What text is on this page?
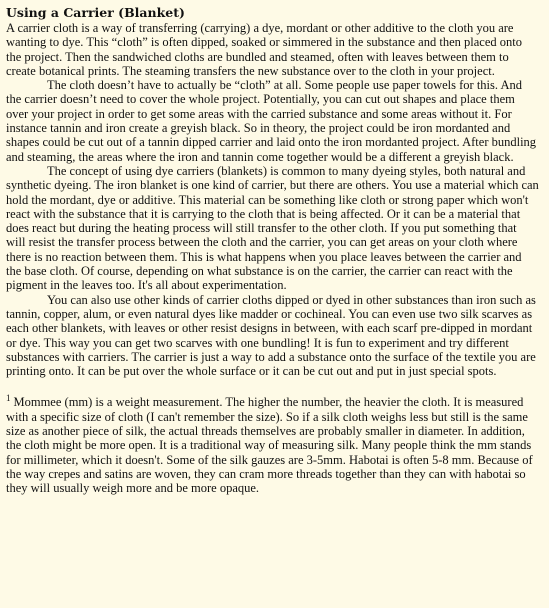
Using a Carrier (Blanket)

A carrier cloth is a way of transferring (carrying) a dye, mordant or other additive to the cloth you are wanting to dye. This “cloth” is often dipped, soaked or simmered in the substance and then placed onto the project. Then the sandwiched cloths are bundled and steamed, often with leaves between them to create botanical prints. The steaming transfers the new substance over to the cloth in your project.

The cloth doesn’t have to actually be “cloth” at all. Some people use paper towels for this. And the carrier doesn’t need to cover the whole project. Potentially, you can cut out shapes and place them over your project in order to get some areas with the carried substance and some areas without it. For instance tannin and iron create a greyish black. So in theory, the project could be iron mordanted and shapes could be cut out of a tannin dipped carrier and laid onto the iron mordanted project. After bundling and steaming, the areas where the iron and tannin come together would be a different a greyish black.

The concept of using dye carriers (blankets) is common to many dyeing styles, both natural and synthetic dyeing. The iron blanket is one kind of carrier, but there are others. You use a material which can hold the mordant, dye or additive. This material can be something like cloth or strong paper which won't react with the substance that it is carrying to the cloth that is being affected. Or it can be a material that does react but during the heating process will still transfer to the other cloth. If you put something that will resist the transfer process between the cloth and the carrier, you can get areas on your cloth where there is no reaction between them. This is what happens when you place leaves between the carrier and the base cloth. Of course, depending on what substance is on the carrier, the carrier can react with the pigment in the leaves too. It's all about experimentation.

You can also use other kinds of carrier cloths dipped or dyed in other substances than iron such as tannin, copper, alum, or even natural dyes like madder or cochineal. You can even use two silk scarves as each other blankets, with leaves or other resist designs in between, with each scarf pre-dipped in mordant or dye. This way you can get two scarves with one bundling! It is fun to experiment and try different substances with carriers. The carrier is just a way to add a substance onto the surface of the textile you are printing onto. It can be put over the whole surface or it can be cut out and put in just special spots.

$^1$ Mommee (mm) is a weight measurement. The higher the number, the heavier the cloth. It is measured with a specific size of cloth (I can't remember the size). So if a silk cloth weighs less but still is the same size as another piece of silk, the actual threads themselves are probably smaller in diameter. In addition, the cloth might be more open. It is a traditional way of measuring silk. Many people think the mm stands for millimeter, which it doesn't. Some of the silk gauzes are 3-5mm. Habotai is often 5-8 mm. Because of the way crepes and satins are woven, they can cram more threads together than they can with habotai so they will usually weigh more and be more opaque.
